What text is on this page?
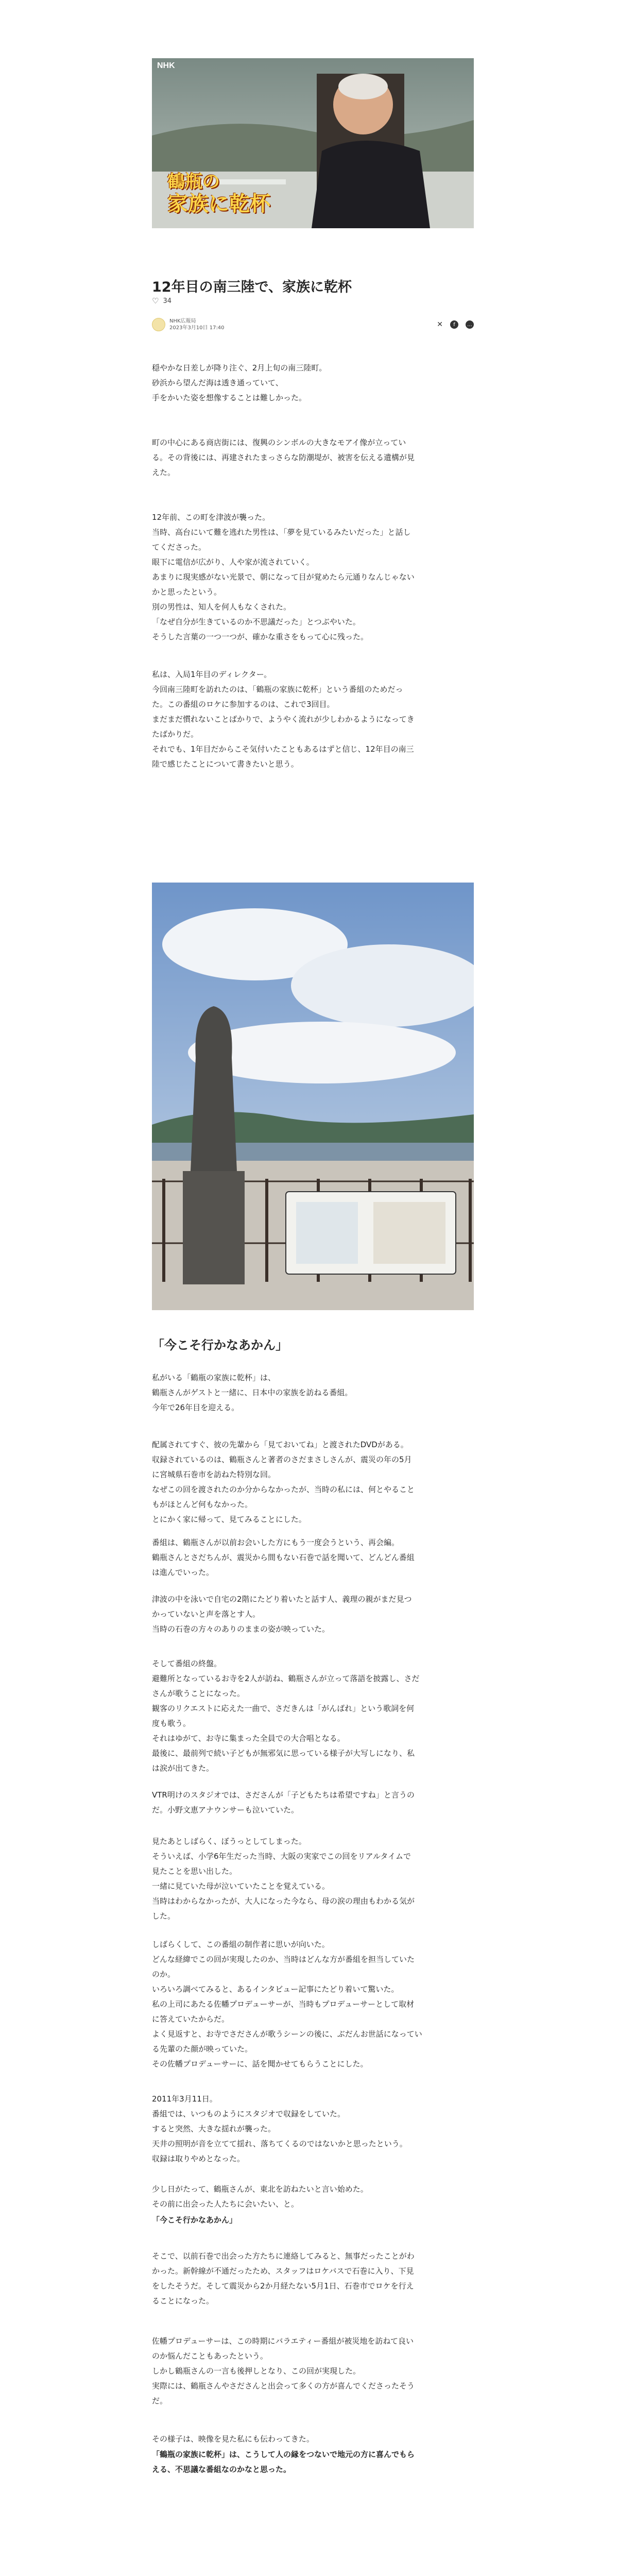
NHK
鶴瓶の
家族に乾杯
12年目の南三陸で、家族に乾杯
♡ 34
NHK広報局
2023年3月10日 17:40	✕	f	…

穏やかな日差しが降り注ぐ、2月上旬の南三陸町。
砂浜から望んだ海は透き通っていて、
手をかいた姿を想像することは難しかった。

町の中心にある商店街には、復興のシンボルの大きなモアイ像が立ってい
る。その背後には、再建されたまっさらな防潮堤が、被害を伝える遺構が見
えた。

12年前、この町を津波が襲った。
当時、高台にいて難を逃れた男性は、「夢を見ているみたいだった」と話し
てくださった。
眼下に電信が広がり、人や家が流されていく。
あまりに現実感がない光景で、朝になって目が覚めたら元通りなんじゃない
かと思ったという。
別の男性は、知人を何人もなくされた。
「なぜ自分が生きているのか不思議だった」とつぶやいた。
そうした言葉の一つ一つが、確かな重さをもって心に残った。

私は、入局1年目のディレクター。
今回南三陸町を訪れたのは、「鶴瓶の家族に乾杯」という番組のためだっ
た。この番組のロケに参加するのは、これで3回目。
まだまだ慣れないことばかりで、ようやく流れが少しわかるようになってき
たばかりだ。
それでも、1年目だからこそ気付いたこともあるはずと信じ、12年目の南三
陸で感じたことについて書きたいと思う。

「今こそ行かなあかん」

私がいる「鶴瓶の家族に乾杯」は、
鶴瓶さんがゲストと一緒に、日本中の家族を訪ねる番組。
今年で26年目を迎える。

配属されてすぐ、彼の先輩から「見ておいてね」と渡されたDVDがある。
収録されているのは、鶴瓶さんと著者のさだまさしさんが、震災の年の5月
に宮城県石巻市を訪ねた特別な回。
なぜこの回を渡されたのか分からなかったが、当時の私には、何とやること
もがほとんど何もなかった。
とにかく家に帰って、見てみることにした。

番組は、鶴瓶さんが以前お会いした方にもう一度会うという、再会編。
鶴瓶さんとさだちんが、震災から間もない石巻で話を聞いて、どんどん番組
は進んでいった。

津波の中を泳いで自宅の2階にたどり着いたと話す人、義理の親がまだ見つ
かっていないと声を落とす人。
当時の石巻の方々のありのままの姿が映っていた。

そして番組の終盤。
避難所となっているお寺を2人が訪ね、鶴瓶さんが立って落語を披露し、さだ
さんが歌うことになった。
観客のリクエストに応えた一曲で、さだきんは「がんばれ」という歌詞を何
度も歌う。
それはゆがて、お寺に集まった全員での大合唱となる。
最後に、最前列で続い子どもが無邪気に思っている様子が大写しになり、私
は涙が出てきた。

VTR明けのスタジオでは、さださんが「子どもたちは希望ですね」と言うの
だ。小野文恵アナウンサーも泣いていた。

見たあとしばらく、ぼうっとしてしまった。
そういえば、小学6年生だった当時、大阪の実家でこの回をリアルタイムで
見たことを思い出した。
一緒に見ていた母が泣いていたことを覚えている。
当時はわからなかったが、大人になった今なら、母の涙の理由もわかる気が
した。

しばらくして、この番組の制作者に思いが向いた。
どんな経緯でこの回が実現したのか、当時はどんな方が番組を担当していた
のか。
いろいろ調べてみると、あるインタビュー記事にたどり着いて驚いた。
私の上司にあたる佐幡プロデューサーが、当時もプロデューサーとして取材
に答えていたからだ。
よく見返すと、お寺でさださんが歌うシーンの後に、ぶだんお世話になってい
る先輩のた顔が映っていた。
その佐幡プロデューサーに、話を聞かせてもらうことにした。

2011年3月11日。
番組では、いつものようにスタジオで収録をしていた。
すると突然、大きな揺れが襲った。
天井の照明が音を立てて揺れ、落ちてくるのではないかと思ったという。
収録は取りやめとなった。

少し日がたって、鶴瓶さんが、東北を訪ねたいと言い始めた。
その前に出会った人たちに会いたい、と。

「今こそ行かなあかん」

そこで、以前石巻で出会った方たちに連絡してみると、無事だったことがわ
かった。新幹線が不通だったため、スタッフはロケバスで石巻に入り、下見
をしたそうだ。そして震災から2か月経たない5月1日、石巻市でロケを行え
ることになった。

佐幡プロデューサーは、この時期にバラエティー番組が被災地を訪ねて良い
のか悩んだこともあったという。
しかし鶴瓶さんの一言も後押しとなり、この回が実現した。
実際には、鶴瓶さんやさださんと出会って多くの方が喜んでくださったそう
だ。

その様子は、映像を見た私にも伝わってきた。

「鶴瓶の家族に乾杯」は、こうして人の縁をつないで地元の方に喜んでもら
える、不思議な番組なのかなと思った。
